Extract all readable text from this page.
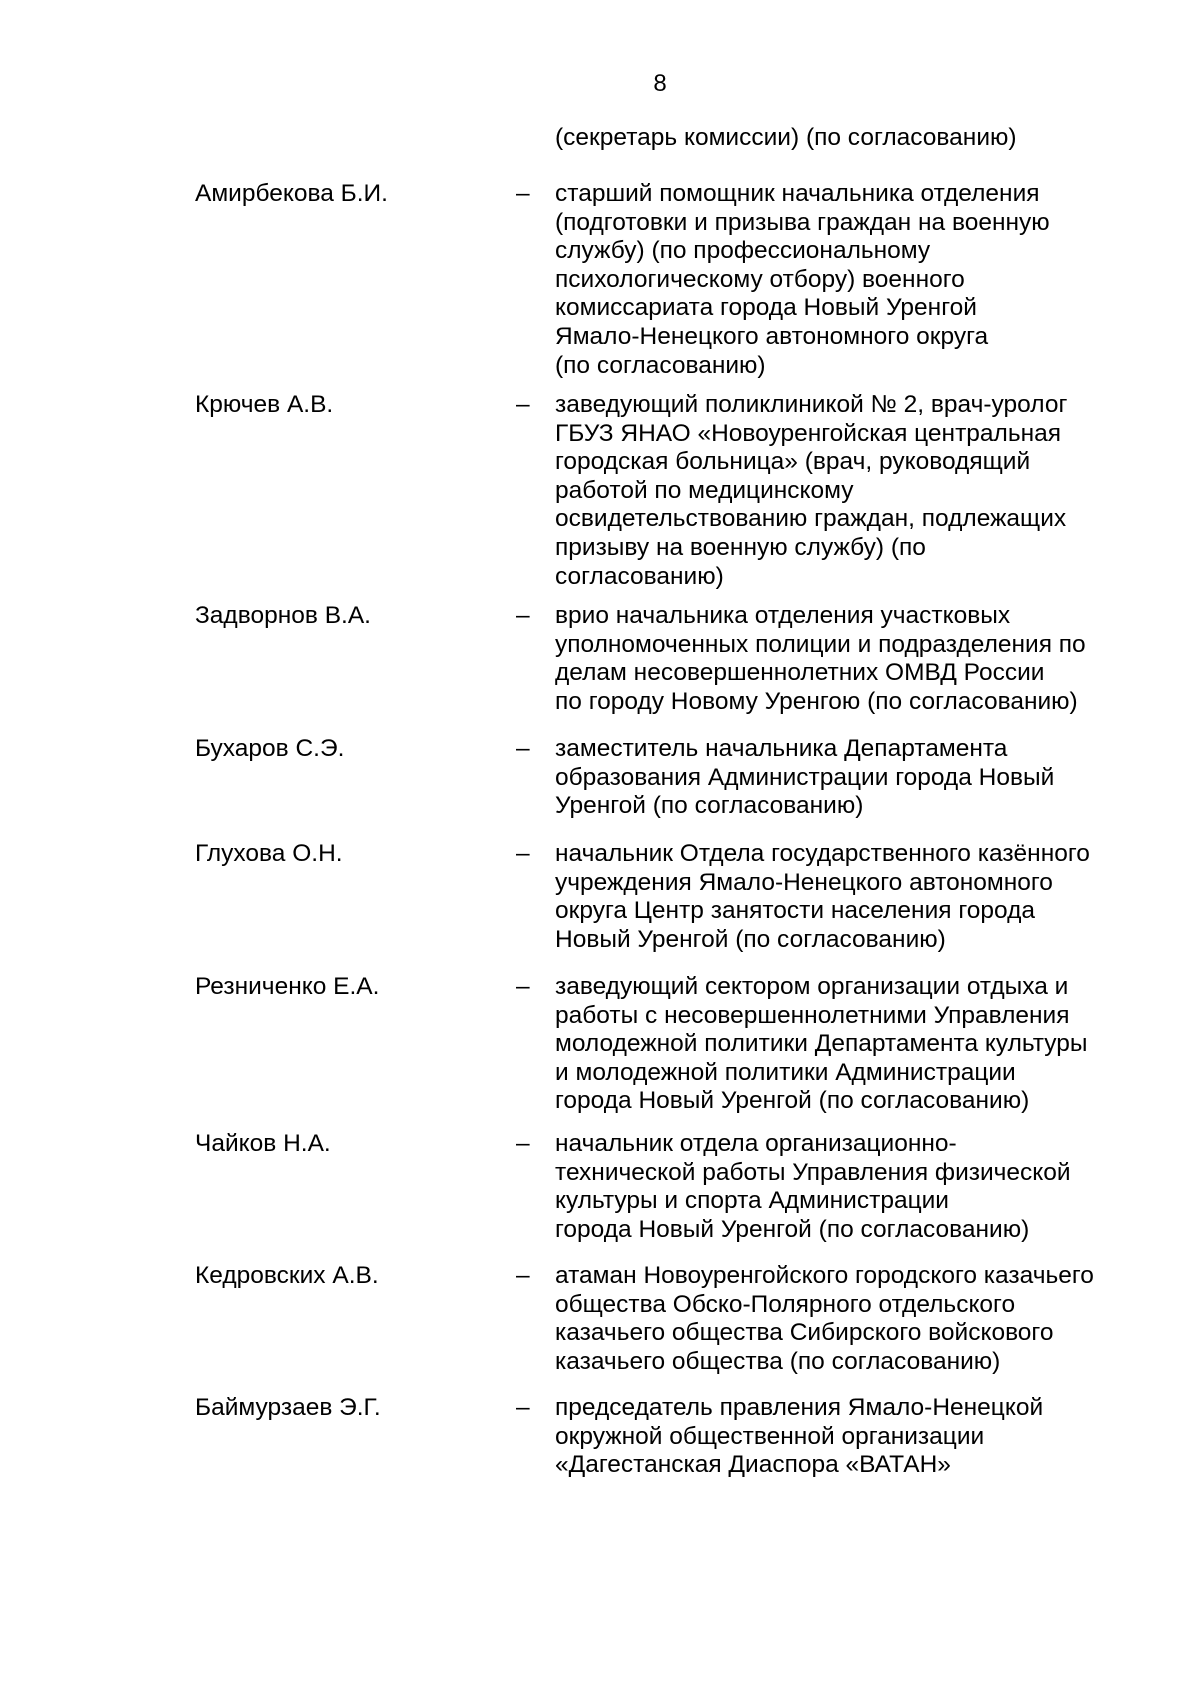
8
(секретарь комиссии) (по согласованию)
Амирбекова Б.И.	– старший помощник начальника отделения
(подготовки и призыва граждан на военную
службу) (по профессиональному
психологическому отбору) военного
комиссариата города Новый Уренгой
Ямало-Ненецкого автономного округа
(по согласованию)
Крючев А.В.	– заведующий поликлиникой № 2, врач-уролог
ГБУЗ ЯНАО «Новоуренгойская центральная
городская больница» (врач, руководящий
работой по медицинскому
освидетельствованию граждан, подлежащих
призыву на военную службу) (по
согласованию)
Задворнов В.А.	– врио начальника отделения участковых
уполномоченных полиции и подразделения по
делам несовершеннолетних ОМВД России
по городу Новому Уренгою (по согласованию)
Бухаров С.Э.	– заместитель начальника Департамента
образования Администрации города Новый
Уренгой (по согласованию)
Глухова О.Н.	– начальник Отдела государственного казённого
учреждения Ямало-Ненецкого автономного
округа Центр занятости населения города
Новый Уренгой (по согласованию)
Резниченко Е.А.	– заведующий сектором организации отдыха и
работы с несовершеннолетними Управления
молодежной политики Департамента культуры
и молодежной политики Администрации
города Новый Уренгой (по согласованию)
Чайков Н.А.	– начальник отдела организационно-
технической работы Управления физической
культуры и спорта Администрации
города Новый Уренгой (по согласованию)
Кедровских А.В.	– атаман Новоуренгойского городского казачьего
общества Обско-Полярного отдельского
казачьего общества Сибирского войскового
казачьего общества (по согласованию)
Баймурзаев Э.Г.	– председатель правления Ямало-Ненецкой
окружной общественной организации
«Дагестанская Диаспора «ВАТАН»
